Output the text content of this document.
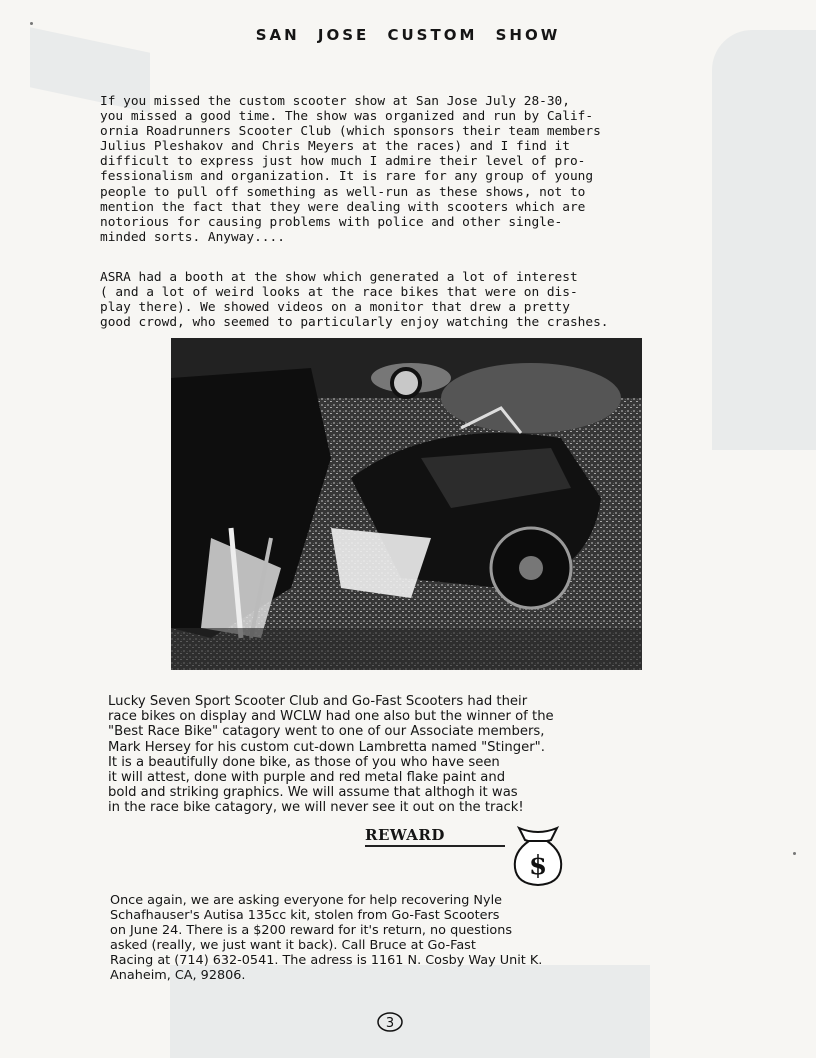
SAN JOSE CUSTOM SHOW

If you missed the custom scooter show at San Jose July 28-30,
you missed a good time. The show was organized and run by Calif-
ornia Roadrunners Scooter Club (which sponsors their team members
Julius Pleshakov and Chris Meyers at the races) and I find it
difficult to express just how much I admire their level of pro-
fessionalism and organization. It is rare for any group of young
people to pull off something as well-run as these shows, not to
mention the fact that they were dealing with scooters which are
notorious for causing problems with police and other single-
minded sorts. Anyway....

ASRA had a booth at the show which generated a lot of interest
( and a lot of weird looks at the race bikes that were on dis-
play there). We showed videos on a monitor that drew a pretty
good crowd, who seemed to particularly enjoy watching the crashes.

Lucky Seven Sport Scooter Club and Go-Fast Scooters had their
race bikes on display and WCLW had one also but the winner of the
"Best Race Bike" catagory went to one of our Associate members,
Mark Hersey for his custom cut-down Lambretta named "Stinger".
It is a beautifully done bike, as those of you who have seen
it will attest, done with purple and red metal flake paint and
bold and striking graphics. We will assume that althogh it was
in the race bike catagory, we will never see it out on the track!

REWARD
$

Once again, we are asking everyone for help recovering Nyle
Schafhauser's Autisa 135cc kit, stolen from Go-Fast Scooters
on June 24. There is a $200 reward for it's return, no questions
asked (really, we just want it back). Call Bruce at Go-Fast
Racing at (714) 632-0541. The adress is 1161 N. Cosby Way Unit K.
Anaheim, CA, 92806.

3
